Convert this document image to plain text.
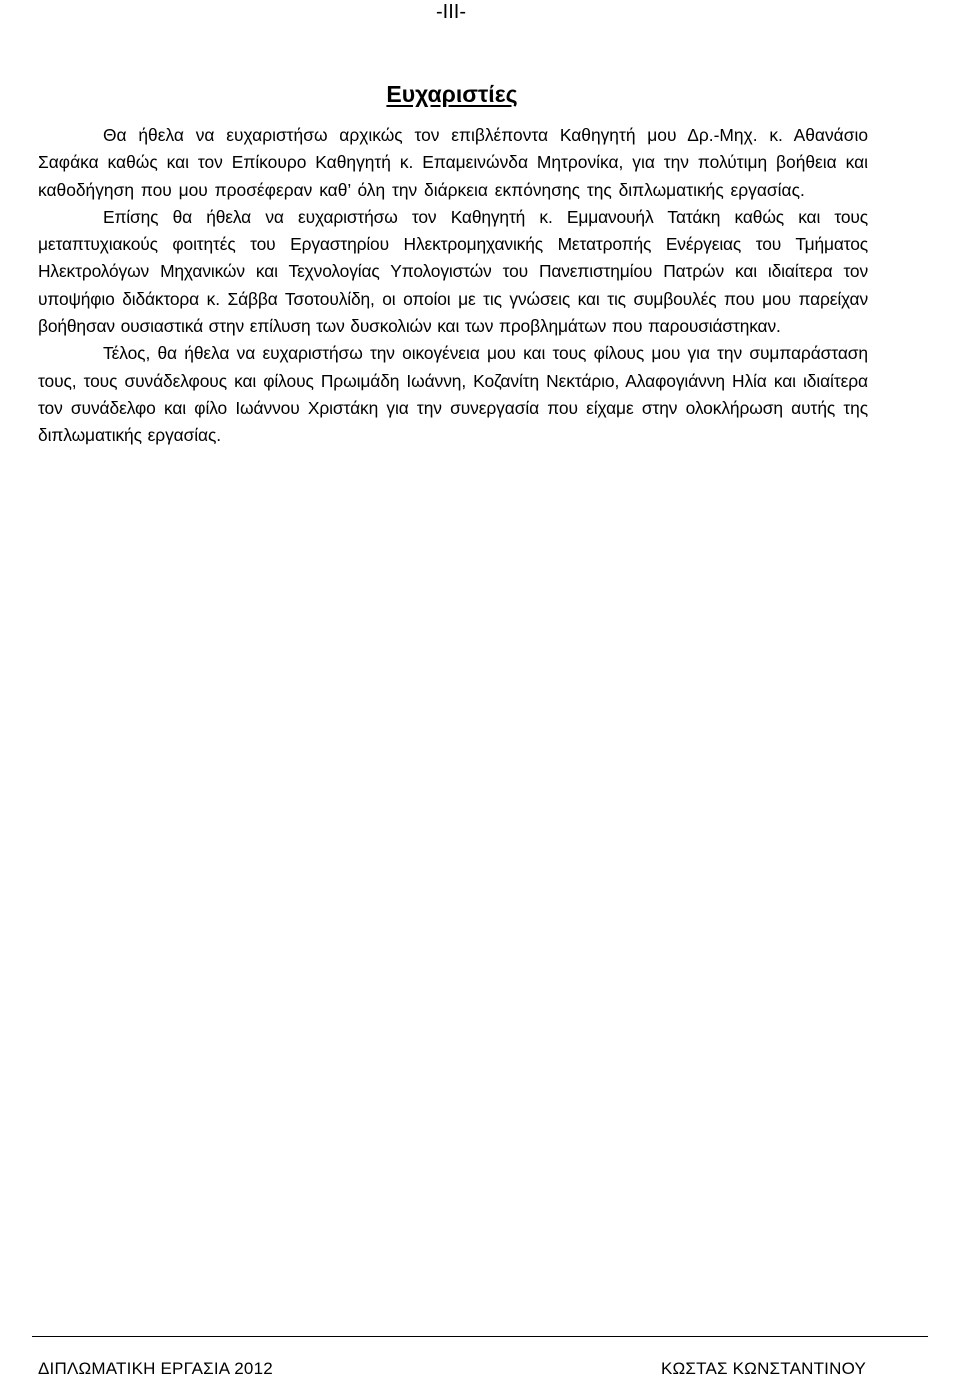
-III-
Ευχαριστίες

Θα ήθελα να ευχαριστήσω αρχικώς τον επιβλέποντα Καθηγητή μου Δρ.-Μηχ. κ. Αθανάσιο Σαφάκα καθώς και τον Επίκουρο Καθηγητή κ. Επαμεινώνδα Μητρονίκα, για την πολύτιμη βοήθεια και καθοδήγηση που μου προσέφεραν καθ’ όλη την διάρκεια εκπόνησης της διπλωματικής εργασίας.

Επίσης θα ήθελα να ευχαριστήσω τον Καθηγητή κ. Εμμανουήλ Τατάκη καθώς και τους μεταπτυχιακούς φοιτητές του Εργαστηρίου Ηλεκτρομηχανικής Μετατροπής Ενέργειας του Τμήματος Ηλεκτρολόγων Μηχανικών και Τεχνολογίας Υπολογιστών του Πανεπιστημίου Πατρών και ιδιαίτερα τον υποψήφιο διδάκτορα κ. Σάββα Τσοτουλίδη, οι οποίοι με τις γνώσεις και τις συμβουλές που μου παρείχαν βοήθησαν ουσιαστικά στην επίλυση των δυσκολιών και των προβλημάτων που παρουσιάστηκαν.

Τέλος, θα ήθελα να ευχαριστήσω την οικογένεια μου και τους φίλους μου για την συμπαράσταση τους, τους συνάδελφους και φίλους Πρωιμάδη Ιωάννη, Κοζανίτη Νεκτάριο, Αλαφογιάννη Ηλία και ιδιαίτερα τον συνάδελφο και φίλο Ιωάννου Χριστάκη για την συνεργασία που είχαμε στην ολοκλήρωση αυτής της διπλωματικής εργασίας.

ΔΙΠΛΩΜΑΤΙΚΗ ΕΡΓΑΣΙΑ 2012	ΚΩΣΤΑΣ ΚΩΝΣΤΑΝΤΙΝΟΥ
